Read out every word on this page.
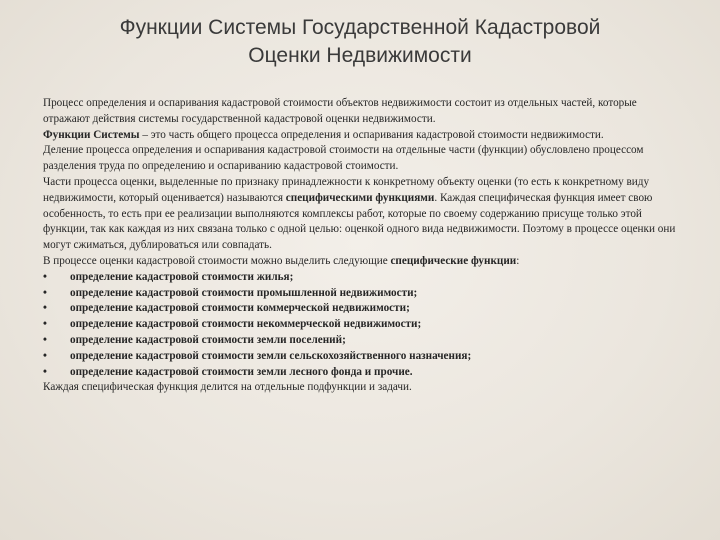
Функции Системы Государственной Кадастровой
Оценки Недвижимости

Процесс определения и оспаривания кадастровой стоимости объектов недвижимости состоит из отдельных частей, которые отражают действия системы государственной кадастровой оценки недвижимости.

Функции Системы – это часть общего процесса определения и оспаривания кадастровой стоимости недвижимости.

Деление процесса определения и оспаривания кадастровой стоимости на отдельные части (функции) обусловлено процессом разделения труда по определению и оспариванию кадастровой стоимости.

Части процесса оценки, выделенные по признаку принадлежности к конкретному объекту оценки (то есть к конкретному виду недвижимости, который оценивается) называются специфическими функциями. Каждая специфическая функция имеет свою особенность, то есть при ее реализации выполняются комплексы работ, которые по своему содержанию присуще только этой функции, так как каждая из них связана только с одной целью: оценкой одного вида недвижимости. Поэтому в процессе оценки они могут сжиматься, дублироваться или совпадать.

В процессе оценки кадастровой стоимости можно выделить следующие специфические функции:

• определение кадастровой стоимости жилья;
• определение кадастровой стоимости промышленной недвижимости;
• определение кадастровой стоимости коммерческой недвижимости;
• определение кадастровой стоимости некоммерческой недвижимости;
• определение кадастровой стоимости земли поселений;
• определение кадастровой стоимости земли сельскохозяйственного назначения;
• определение кадастровой стоимости земли лесного фонда и прочие.

Каждая специфическая функция делится на отдельные подфункции и задачи.
